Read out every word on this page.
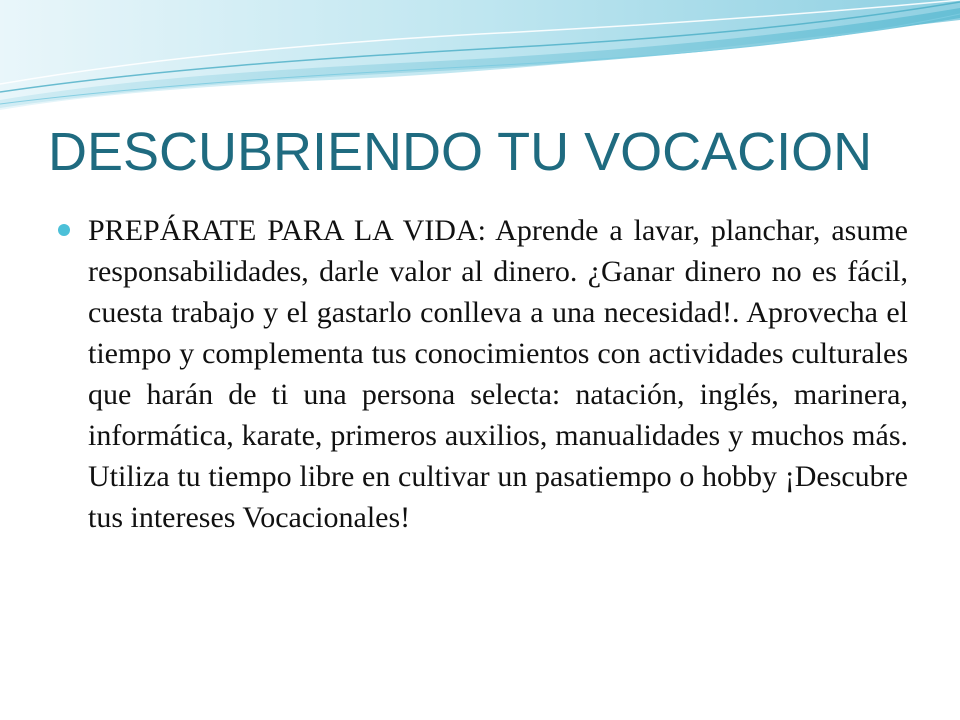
DESCUBRIENDO TU VOCACION

PREPÁRATE PARA LA VIDA: Aprende a lavar, planchar, asume responsabilidades, darle valor al dinero. ¿Ganar dinero no es fácil, cuesta trabajo y el gastarlo conlleva a una necesidad!. Aprovecha el tiempo y complementa tus conocimientos con actividades culturales que harán de ti una persona selecta: natación, inglés, marinera, informática, karate, primeros auxilios, manualidades y muchos más. Utiliza tu tiempo libre en cultivar un pasatiempo o hobby ¡Descubre tus intereses Vocacionales!
